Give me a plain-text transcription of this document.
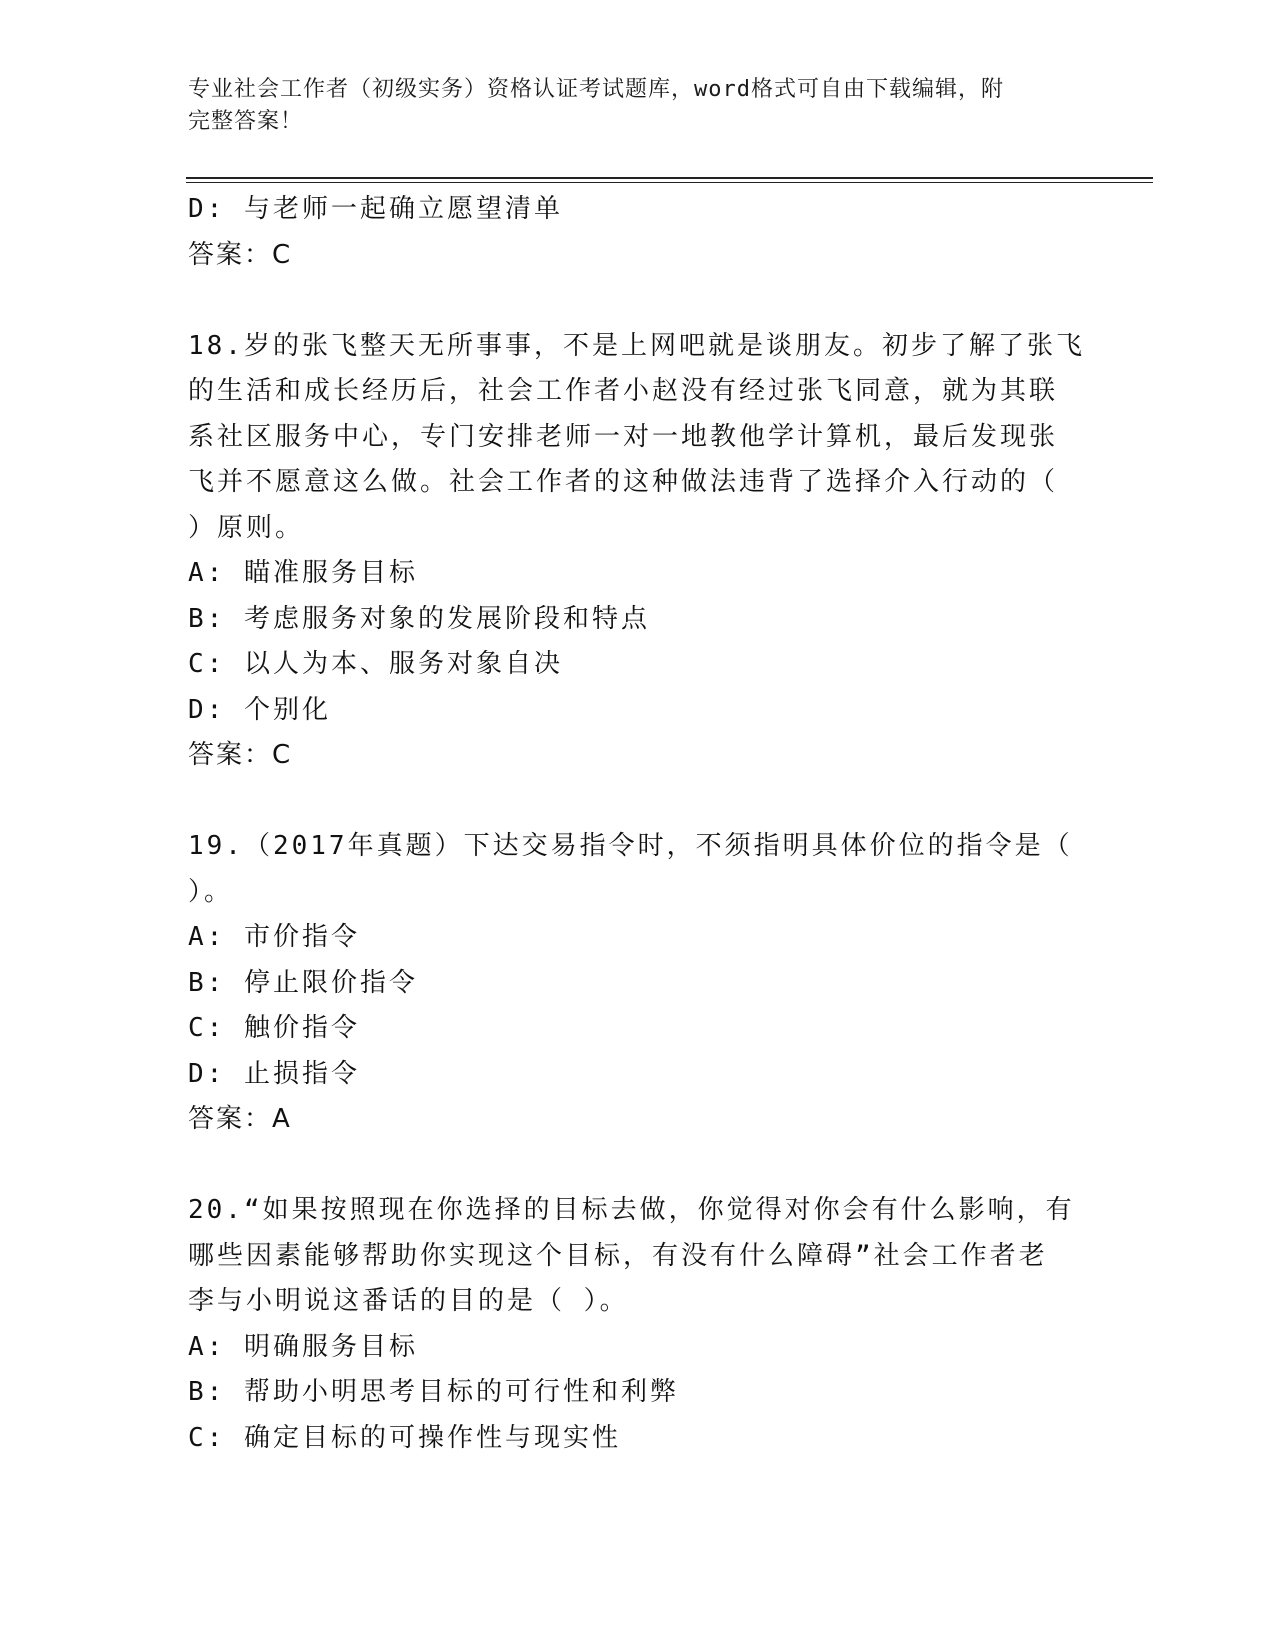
专业社会工作者（初级实务）资格认证考试题库，word格式可自由下载编辑，附
完整答案！
D: 与老师一起确立愿望清单
答案：C
18.岁的张飞整天无所事事，不是上网吧就是谈朋友。初步了解了张飞
的生活和成长经历后，社会工作者小赵没有经过张飞同意，就为其联
系社区服务中心，专门安排老师一对一地教他学计算机，最后发现张
飞并不愿意这么做。社会工作者的这种做法违背了选择介入行动的（
）原则。
A: 瞄准服务目标
B: 考虑服务对象的发展阶段和特点
C: 以人为本、服务对象自决
D: 个别化
答案：C
19.（2017年真题）下达交易指令时，不须指明具体价位的指令是（
）。
A: 市价指令
B: 停止限价指令
C: 触价指令
D: 止损指令
答案：A
20.“如果按照现在你选择的目标去做，你觉得对你会有什么影响，有
哪些因素能够帮助你实现这个目标，有没有什么障碍”社会工作者老
李与小明说这番话的目的是（ ）。
A: 明确服务目标
B: 帮助小明思考目标的可行性和利弊
C: 确定目标的可操作性与现实性
